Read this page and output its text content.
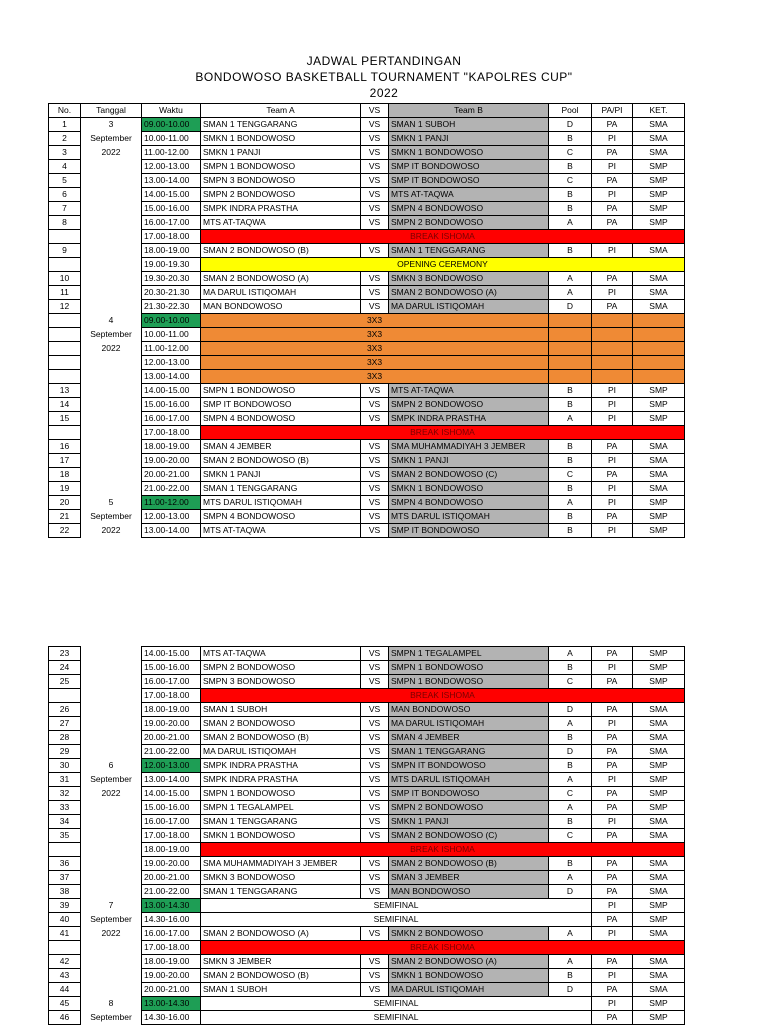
JADWAL PERTANDINGAN
BONDOWOSO BASKETBALL TOURNAMENT "KAPOLRES CUP"
2022
No.	Tanggal	Waktu	Team A	VS	Team B	Pool	PA/PI	KET.
1	3	09.00-10.00	SMAN 1 TENGGARANG	VS	SMAN 1 SUBOH	D	PA	SMA
2	September	10.00-11.00	SMKN 1 BONDOWOSO	VS	SMKN 1 PANJI	B	PI	SMA
3	2022	11.00-12.00	SMKN 1 PANJI	VS	SMKN 1 BONDOWOSO	C	PA	SMA
4		12.00-13.00	SMPN 1 BONDOWOSO	VS	SMP IT BONDOWOSO	B	PI	SMP
5		13.00-14.00	SMPN 3 BONDOWOSO	VS	SMP IT BONDOWOSO	C	PA	SMP
6		14.00-15.00	SMPN 2 BONDOWOSO	VS	MTS AT-TAQWA	B	PI	SMP
7		15.00-16.00	SMPK INDRA PRASTHA	VS	SMPN 4 BONDOWOSO	B	PA	SMP
8		16.00-17.00	MTS AT-TAQWA	VS	SMPN 2 BONDOWOSO	A	PA	SMP
		17.00-18.00	BREAK ISHOMA					
9		18.00-19.00	SMAN 2 BONDOWOSO (B)	VS	SMAN 1 TENGGARANG	B	PI	SMA
		19.00-19.30	OPENING CEREMONY					
10		19.30-20.30	SMAN 2 BONDOWOSO (A)	VS	SMKN 3 BONDOWOSO	A	PA	SMA
11		20.30-21.30	MA DARUL ISTIQOMAH	VS	SMAN 2 BONDOWOSO (A)	A	PI	SMA
12		21.30-22.30	MAN BONDOWOSO	VS	MA DARUL ISTIQOMAH	D	PA	SMA
	4	09.00-10.00	3X3					
	September	10.00-11.00	3X3					
	2022	11.00-12.00	3X3					
		12.00-13.00	3X3					
		13.00-14.00	3X3					
13		14.00-15.00	SMPN 1 BONDOWOSO	VS	MTS AT-TAQWA	B	PI	SMP
14		15.00-16.00	SMP IT BONDOWOSO	VS	SMPN 2 BONDOWOSO	B	PI	SMP
15		16.00-17.00	SMPN 4 BONDOWOSO	VS	SMPK INDRA PRASTHA	A	PI	SMP
		17.00-18.00	BREAK ISHOMA					
16		18.00-19.00	SMAN 4 JEMBER	VS	SMA MUHAMMADIYAH 3 JEMBER	B	PA	SMA
17		19.00-20.00	SMAN 2 BONDOWOSO (B)	VS	SMKN 1 PANJI	B	PI	SMA
18		20.00-21.00	SMKN 1 PANJI	VS	SMAN 2 BONDOWOSO (C)	C	PA	SMA
19		21.00-22.00	SMAN 1 TENGGARANG	VS	SMKN 1 BONDOWOSO	B	PI	SMA
20	5	11.00-12.00	MTS DARUL ISTIQOMAH	VS	SMPN 4 BONDOWOSO	A	PI	SMP
21	September	12.00-13.00	SMPN 4 BONDOWOSO	VS	MTS DARUL ISTIQOMAH	B	PA	SMP
22	2022	13.00-14.00	MTS AT-TAQWA	VS	SMP IT BONDOWOSO	B	PI	SMP
23		14.00-15.00	MTS AT-TAQWA	VS	SMPN 1 TEGALAMPEL	A	PA	SMP
24		15.00-16.00	SMPN 2 BONDOWOSO	VS	SMPN 1 BONDOWOSO	B	PI	SMP
25		16.00-17.00	SMPN 3 BONDOWOSO	VS	SMPN 1 BONDOWOSO	C	PA	SMP
		17.00-18.00	BREAK ISHOMA					
26		18.00-19.00	SMAN 1 SUBOH	VS	MAN BONDOWOSO	D	PA	SMA
27		19.00-20.00	SMAN 2 BONDOWOSO	VS	MA DARUL ISTIQOMAH	A	PI	SMA
28		20.00-21.00	SMAN 2 BONDOWOSO (B)	VS	SMAN 4 JEMBER	B	PA	SMA
29		21.00-22.00	MA DARUL ISTIQOMAH	VS	SMAN 1 TENGGARANG	D	PA	SMA
30	6	12.00-13.00	SMPK INDRA PRASTHA	VS	SMPN IT BONDOWOSO	B	PA	SMP
31	September	13.00-14.00	SMPK INDRA PRASTHA	VS	MTS DARUL ISTIQOMAH	A	PI	SMP
32	2022	14.00-15.00	SMPN 1 BONDOWOSO	VS	SMP IT BONDOWOSO	C	PA	SMP
33		15.00-16.00	SMPN 1 TEGALAMPEL	VS	SMPN 2 BONDOWOSO	A	PA	SMP
34		16.00-17.00	SMAN 1 TENGGARANG	VS	SMKN 1 PANJI	B	PI	SMA
35		17.00-18.00	SMKN 1 BONDOWOSO	VS	SMAN 2 BONDOWOSO (C)	C	PA	SMA
		18.00-19.00	BREAK ISHOMA					
36		19.00-20.00	SMA MUHAMMADIYAH 3 JEMBER	VS	SMAN 2 BONDOWOSO (B)	B	PA	SMA
37		20.00-21.00	SMKN 3 BONDOWOSO	VS	SMAN 3 JEMBER	A	PA	SMA
38		21.00-22.00	SMAN 1 TENGGARANG	VS	MAN BONDOWOSO	D	PA	SMA
39	7	13.00-14.30	SEMIFINAL				PI	SMP
40	September	14.30-16.00	SEMIFINAL				PA	SMP
41	2022	16.00-17.00	SMAN 2 BONDOWOSO (A)	VS	SMKN 2 BONDOWOSO	A	PI	SMA
		17.00-18.00	BREAK ISHOMA					
42		18.00-19.00	SMKN 3 JEMBER	VS	SMAN 2 BONDOWOSO (A)	A	PA	SMA
43		19.00-20.00	SMAN 2 BONDOWOSO (B)	VS	SMKN 1 BONDOWOSO	B	PI	SMA
44		20.00-21.00	SMAN 1 SUBOH	VS	MA DARUL ISTIQOMAH	D	PA	SMA
45	8	13.00-14.30	SEMIFINAL				PI	SMP
46	September	14.30-16.00	SEMIFINAL				PA	SMP
